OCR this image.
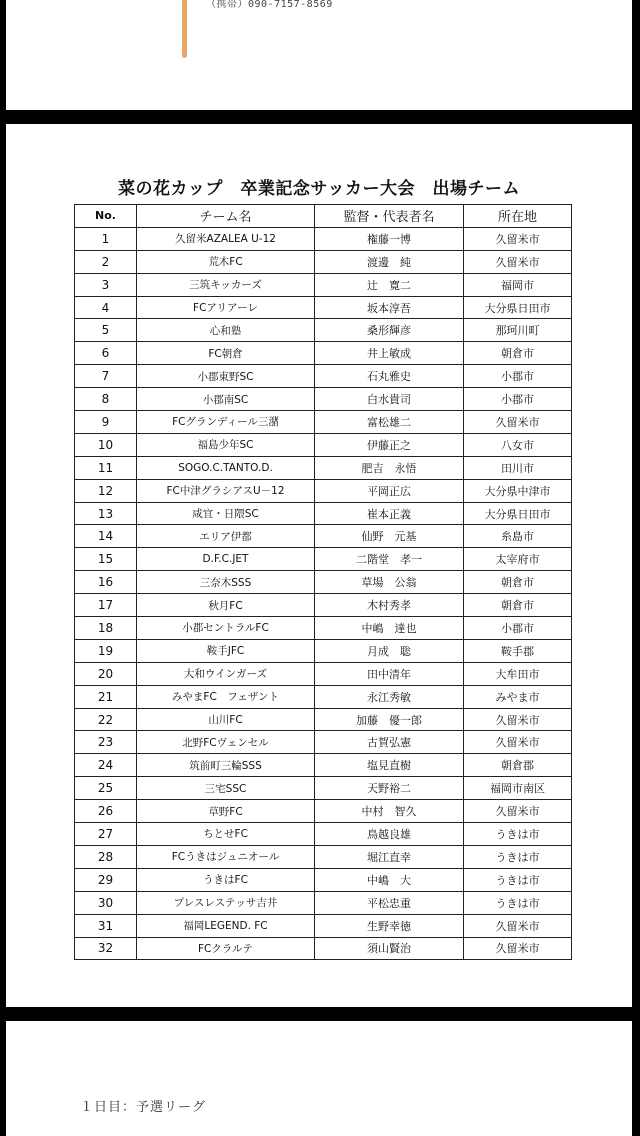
（携帯）090-7157-8569
菜の花カップ　卒業記念サッカー大会　出場チーム
No.	チーム名	監督・代表者名	所在地
1	久留米AZALEA U-12	権藤一博	久留米市
2	荒木FC	渡邊　純	久留米市
3	三筑キッカーズ	辻　寛二	福岡市
4	FCアリアーレ	坂本淳吾	大分県日田市
5	心和塾	桑形輝彦	那珂川町
6	FC朝倉	井上敏成	朝倉市
7	小郡東野SC	石丸雅史	小郡市
8	小郡南SC	白水貴司	小郡市
9	FCグランディール三潴	富松雄二	久留米市
10	福島少年SC	伊藤正之	八女市
11	SOGO.C.TANTO.D.	肥吉　永悟	田川市
12	FC中津グラシアスU－12	平岡正広	大分県中津市
13	咸宜・日隈SC	崔本正義	大分県日田市
14	エリア伊都	仙野　元基	糸島市
15	D.F.C.JET	二階堂　孝一	太宰府市
16	三奈木SSS	草場　公翁	朝倉市
17	秋月FC	木村秀孝	朝倉市
18	小郡セントラルFC	中嶋　達也	小郡市
19	鞍手JFC	月成　聡	鞍手郡
20	大和ウインガーズ	田中清年	大牟田市
21	みやまFC　フェザント	永江秀敏	みやま市
22	山川FC	加藤　優一郎	久留米市
23	北野FCヴェンセル	古賀弘憲	久留米市
24	筑前町三輪SSS	塩見直樹	朝倉郡
25	三宅SSC	天野裕二	福岡市南区
26	草野FC	中村　智久	久留米市
27	ちとせFC	鳥越良雄	うきは市
28	FCうきはジュニオール	堀江直幸	うきは市
29	うきはFC	中嶋　大	うきは市
30	プレスレステッサ吉井	平松忠重	うきは市
31	福岡LEGEND. FC	生野幸徳	久留米市
32	FCクラルテ	須山賢治	久留米市
１日目：予選リーグ
